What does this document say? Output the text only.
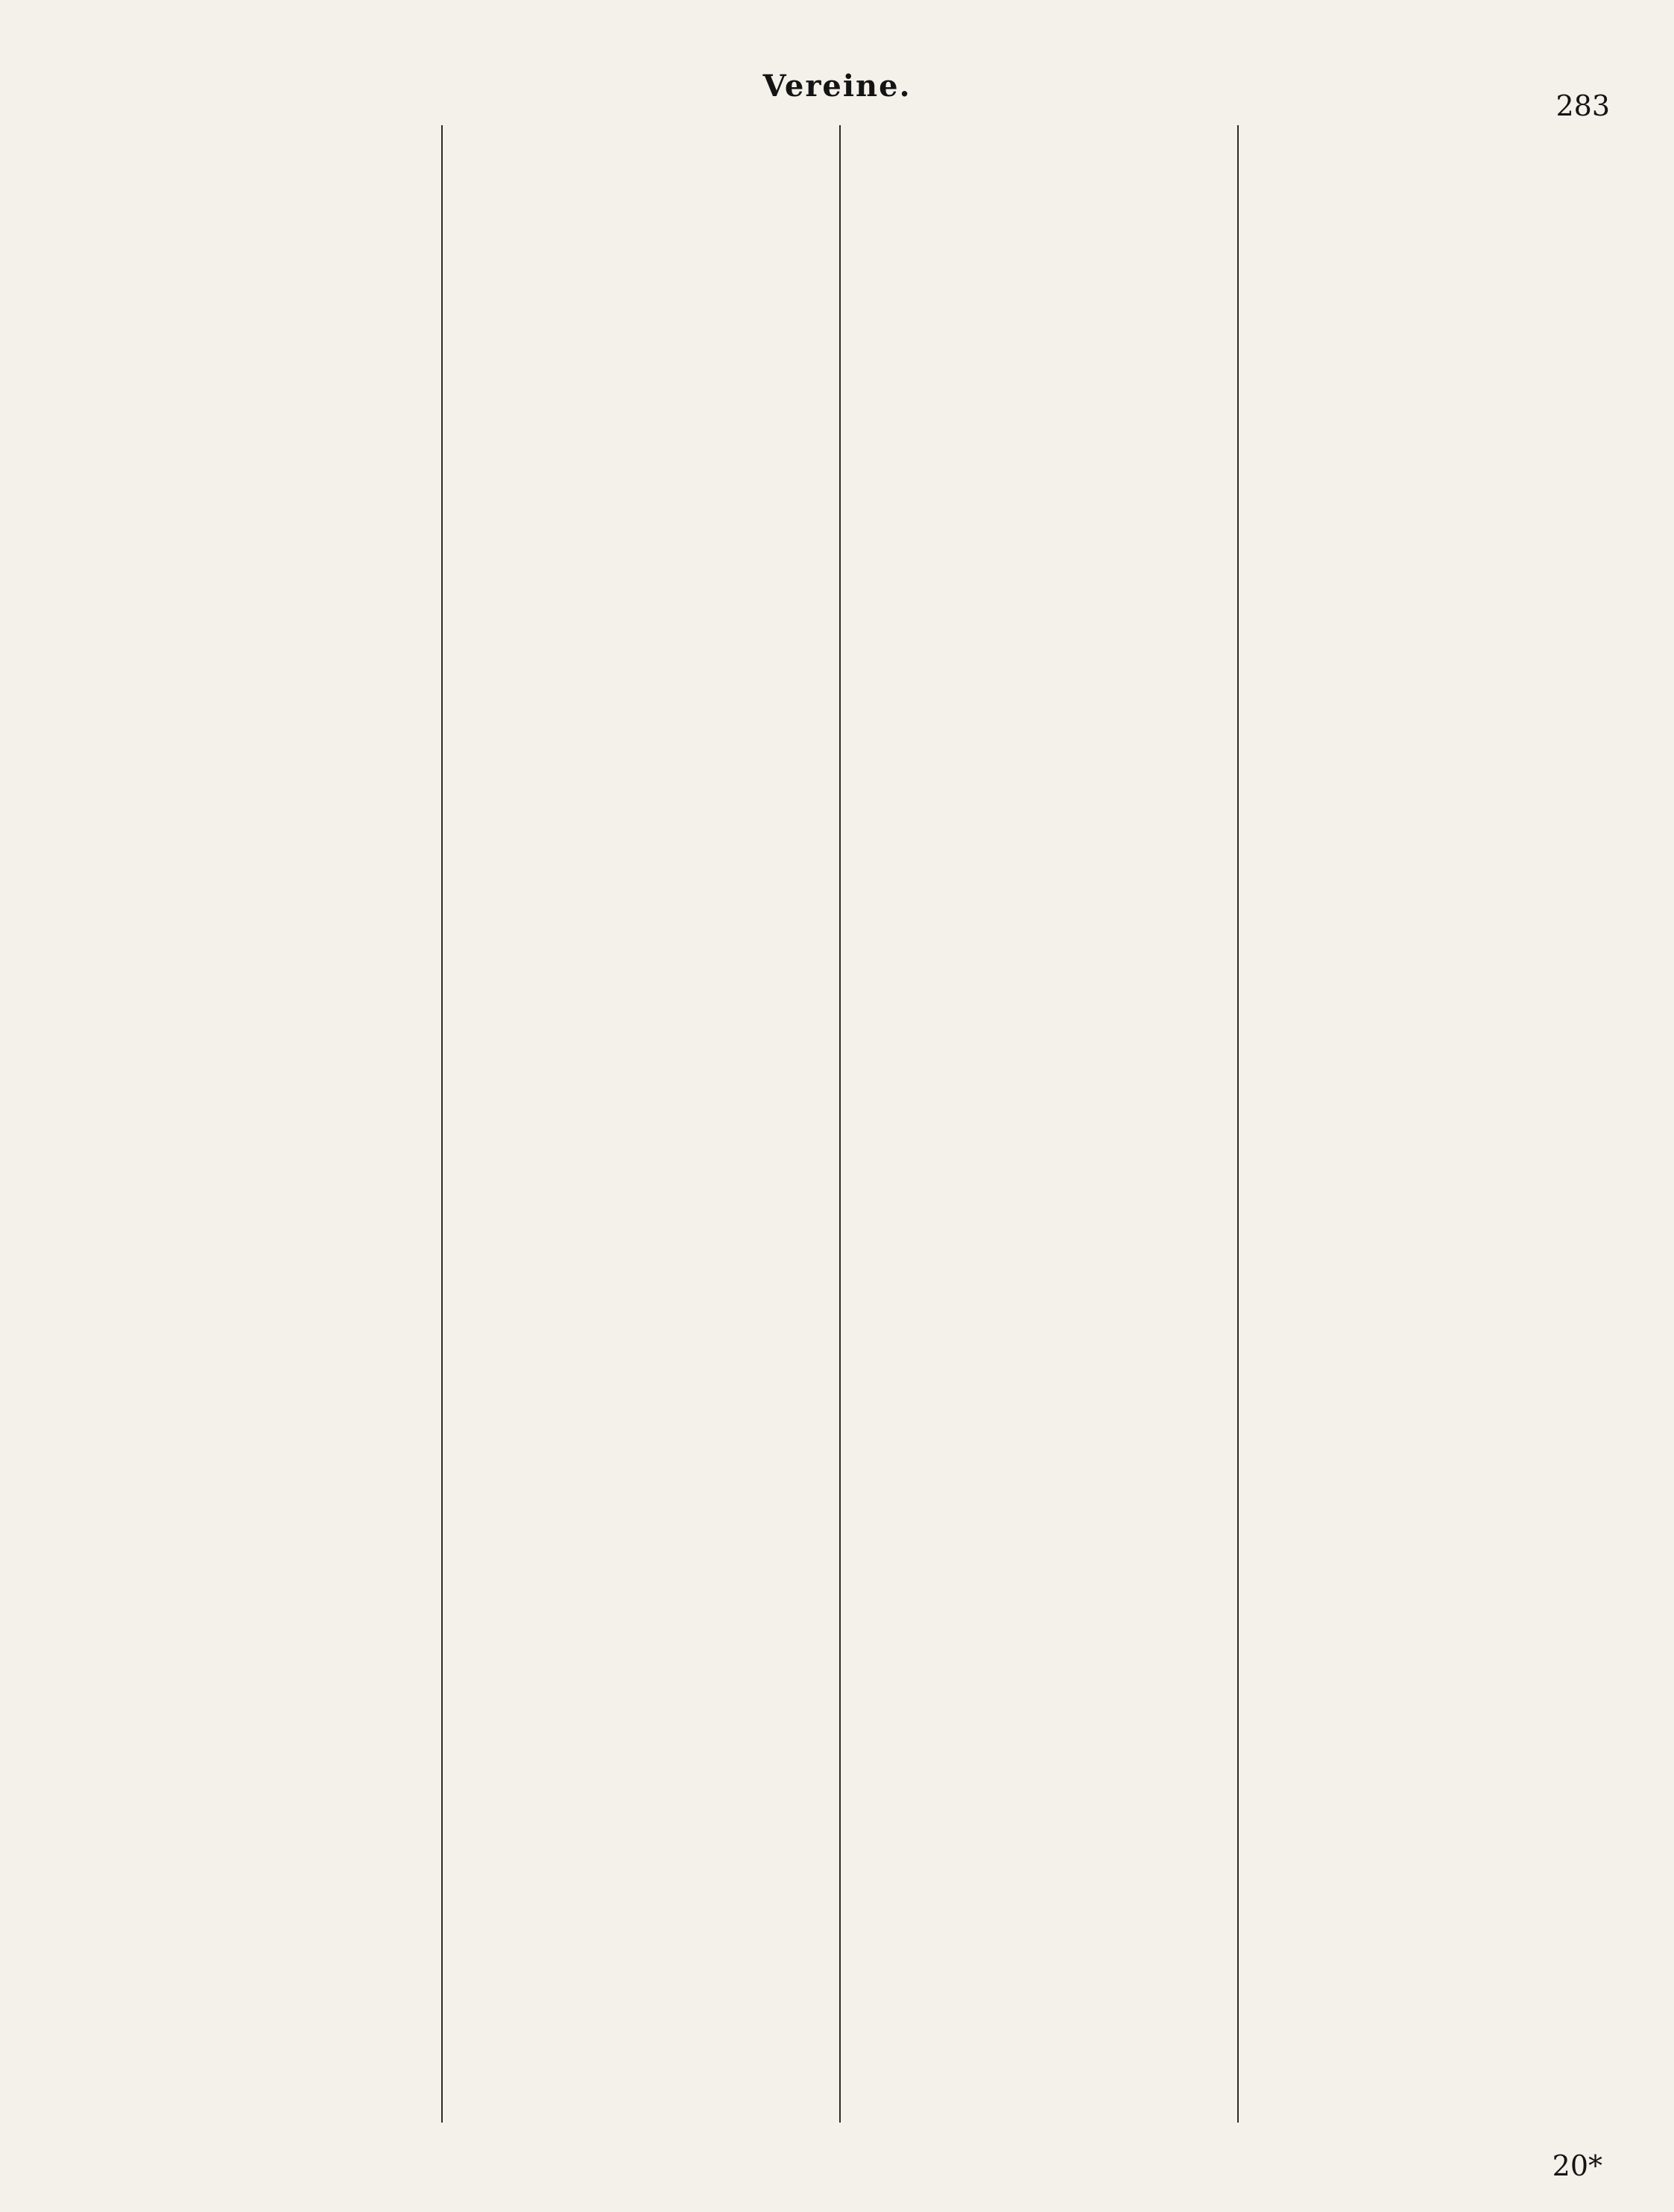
Vereine.
283
20*
